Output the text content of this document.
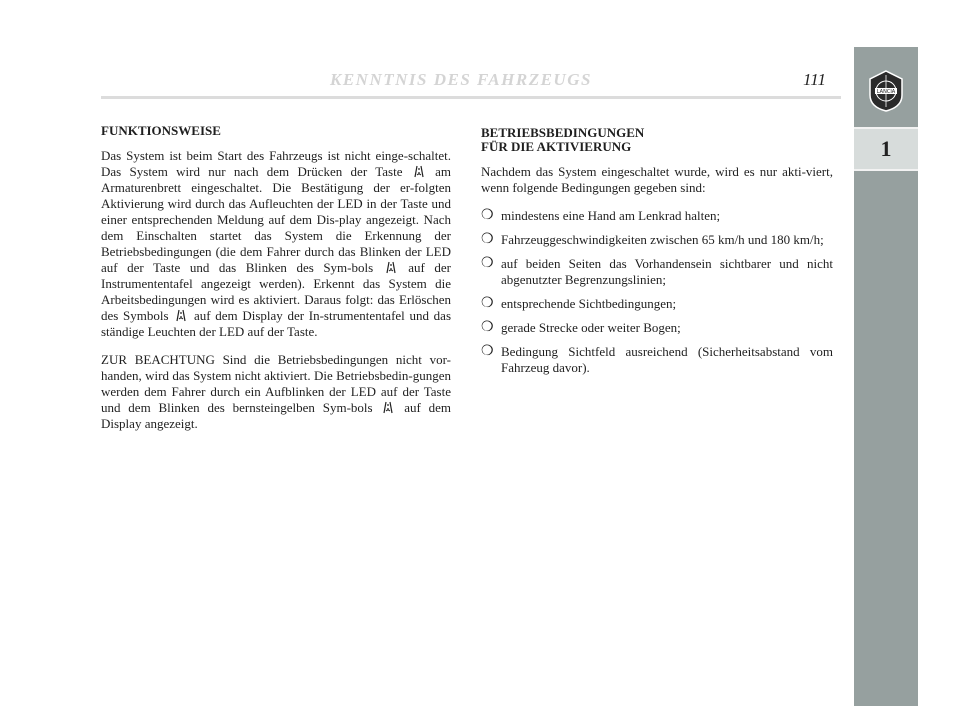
KENNTNIS DES FAHRZEUGS	111
LANCIA
1
FUNKTIONSWEISE

Das System ist beim Start des Fahrzeugs ist nicht einge-schaltet. Das System wird nur nach dem Drücken der Taste	am Armaturenbrett eingeschaltet. Die Bestätigung der er-folgten Aktivierung wird durch das Aufleuchten der LED in der Taste und einer entsprechenden Meldung auf dem Dis-play angezeigt. Nach dem Einschalten startet das System die Erkennung der Betriebsbedingungen (die dem Fahrer durch das Blinken der LED auf der Taste und das Blinken des Sym-bols	auf der Instrumententafel angezeigt werden). Erkennt das System die Arbeitsbedingungen wird es aktiviert. Daraus folgt: das Erlöschen des Symbols auf dem Display der In-strumententafel und das ständige Leuchten der LED auf der Taste.

ZUR BEACHTUNG Sind die Betriebsbedingungen nicht vor-handen, wird das System nicht aktiviert. Die Betriebsbedin-gungen werden dem Fahrer durch ein Aufblinken der LED auf der Taste und dem Blinken des bernsteingelben Sym-bols auf dem Display angezeigt.

BETRIEBSBEDINGUNGEN
FÜR DIE AKTIVIERUNG

Nachdem das System eingeschaltet wurde, wird es nur akti-viert, wenn folgende Bedingungen gegeben sind:

❍ mindestens eine Hand am Lenkrad halten;
❍ Fahrzeuggeschwindigkeiten zwischen 65 km/h und 180 km/h;
❍ auf beiden Seiten das Vorhandensein sichtbarer und nicht abgenutzter Begrenzungslinien;
❍ entsprechende Sichtbedingungen;
❍ gerade Strecke oder weiter Bogen;
❍ Bedingung Sichtfeld ausreichend (Sicherheitsabstand vom Fahrzeug davor).
